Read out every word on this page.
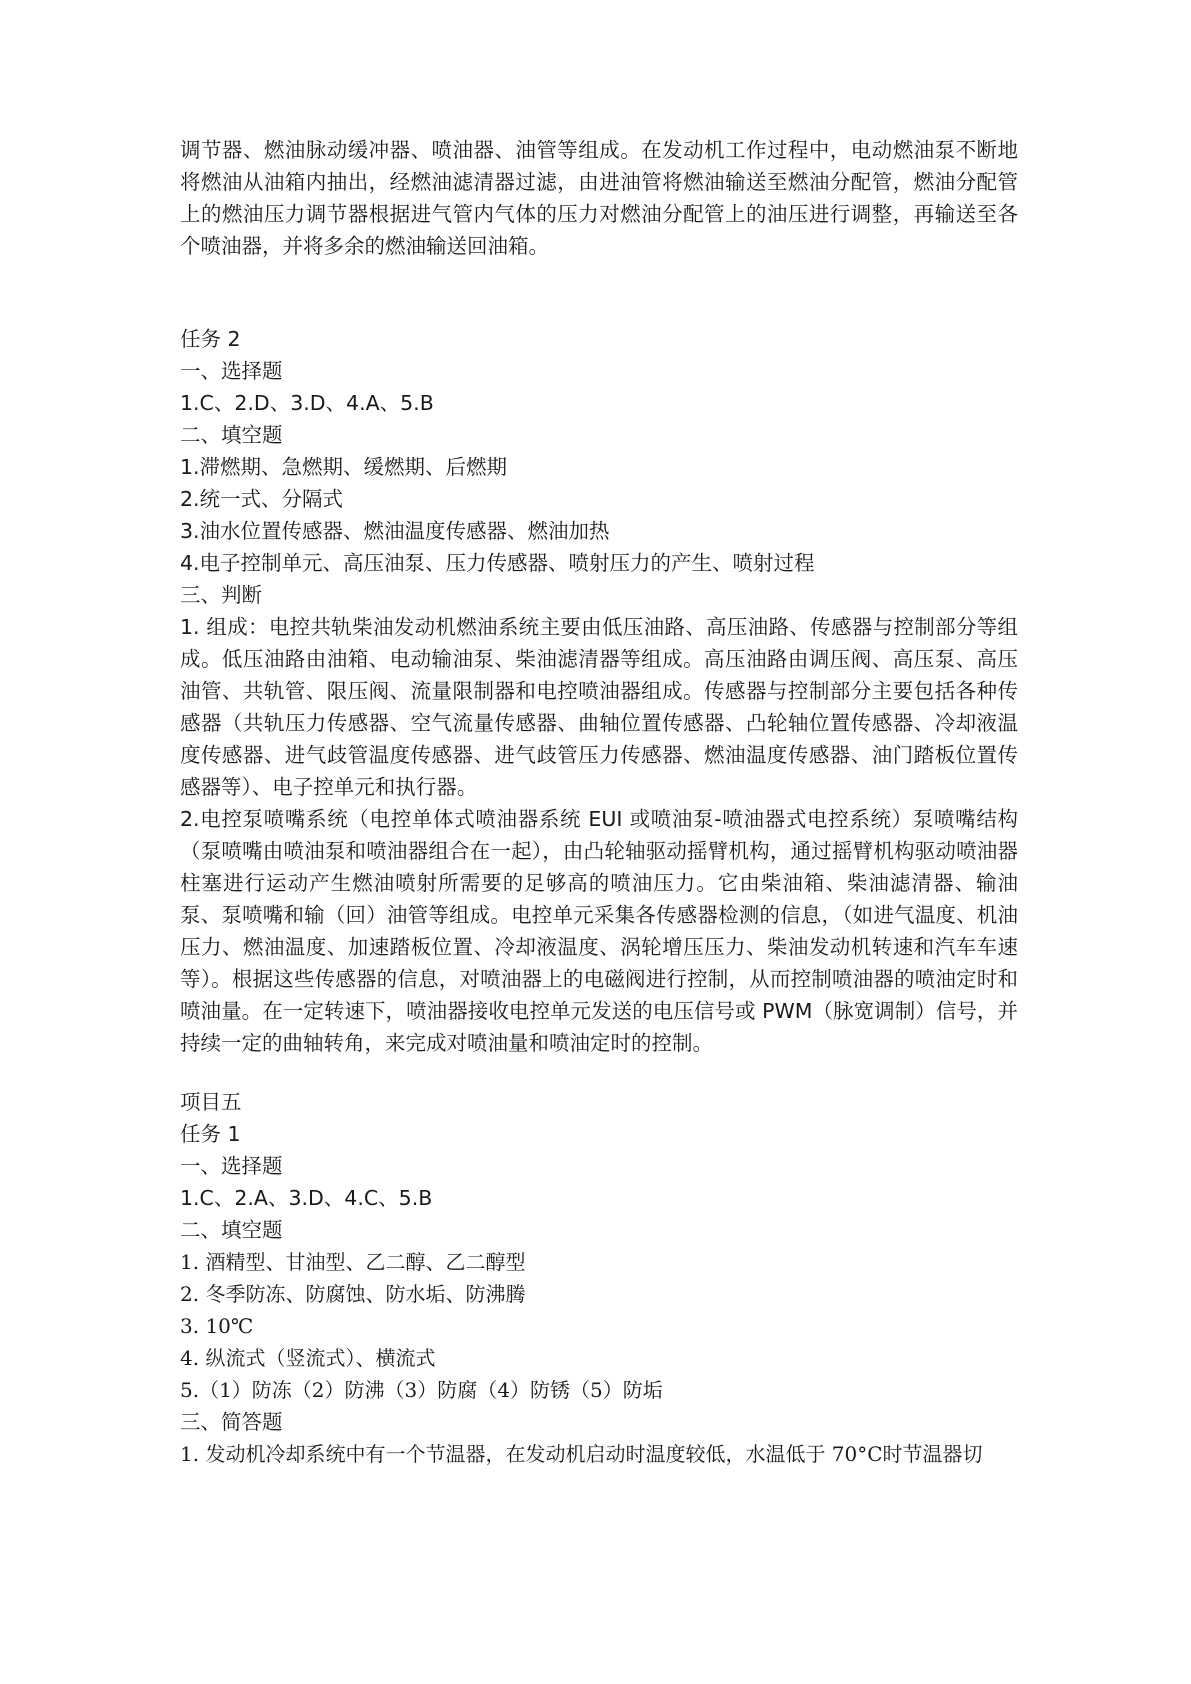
调节器、燃油脉动缓冲器、喷油器、油管等组成。在发动机工作过程中，电动燃油泵不断地将燃油从油箱内抽出，经燃油滤清器过滤，由进油管将燃油输送至燃油分配管，燃油分配管上的燃油压力调节器根据进气管内气体的压力对燃油分配管上的油压进行调整，再输送至各个喷油器，并将多余的燃油输送回油箱。

任务 2

一、选择题

1.C、2.D、3.D、4.A、5.B

二、填空题

1.滞燃期、急燃期、缓燃期、后燃期

2.统一式、分隔式

3.油水位置传感器、燃油温度传感器、燃油加热

4.电子控制单元、高压油泵、压力传感器、喷射压力的产生、喷射过程

三、判断

1. 组成：电控共轨柴油发动机燃油系统主要由低压油路、高压油路、传感器与控制部分等组成。低压油路由油箱、电动输油泵、柴油滤清器等组成。高压油路由调压阀、高压泵、高压油管、共轨管、限压阀、流量限制器和电控喷油器组成。传感器与控制部分主要包括各种传感器（共轨压力传感器、空气流量传感器、曲轴位置传感器、凸轮轴位置传感器、冷却液温度传感器、进气歧管温度传感器、进气歧管压力传感器、燃油温度传感器、油门踏板位置传感器等）、电子控单元和执行器。

2.电控泵喷嘴系统（电控单体式喷油器系统 EUI 或喷油泵-喷油器式电控系统）泵喷嘴结构（泵喷嘴由喷油泵和喷油器组合在一起），由凸轮轴驱动摇臂机构，通过摇臂机构驱动喷油器柱塞进行运动产生燃油喷射所需要的足够高的喷油压力。它由柴油箱、柴油滤清器、输油泵、泵喷嘴和输（回）油管等组成。电控单元采集各传感器检测的信息，（如进气温度、机油压力、燃油温度、加速踏板位置、冷却液温度、涡轮增压压力、柴油发动机转速和汽车车速等）。根据这些传感器的信息，对喷油器上的电磁阀进行控制，从而控制喷油器的喷油定时和喷油量。在一定转速下，喷油器接收电控单元发送的电压信号或 PWM（脉宽调制）信号，并持续一定的曲轴转角，来完成对喷油量和喷油定时的控制。

项目五

任务 1

一、选择题

1.C、2.A、3.D、4.C、5.B

二、填空题

1. 酒精型、甘油型、乙二醇、乙二醇型

2. 冬季防冻、防腐蚀、防水垢、防沸腾

3. 10℃

4. 纵流式（竖流式）、横流式

5.（1）防冻（2）防沸（3）防腐（4）防锈（5）防垢

三、简答题

1. 发动机冷却系统中有一个节温器，在发动机启动时温度较低，水温低于 70°C时节温器切
